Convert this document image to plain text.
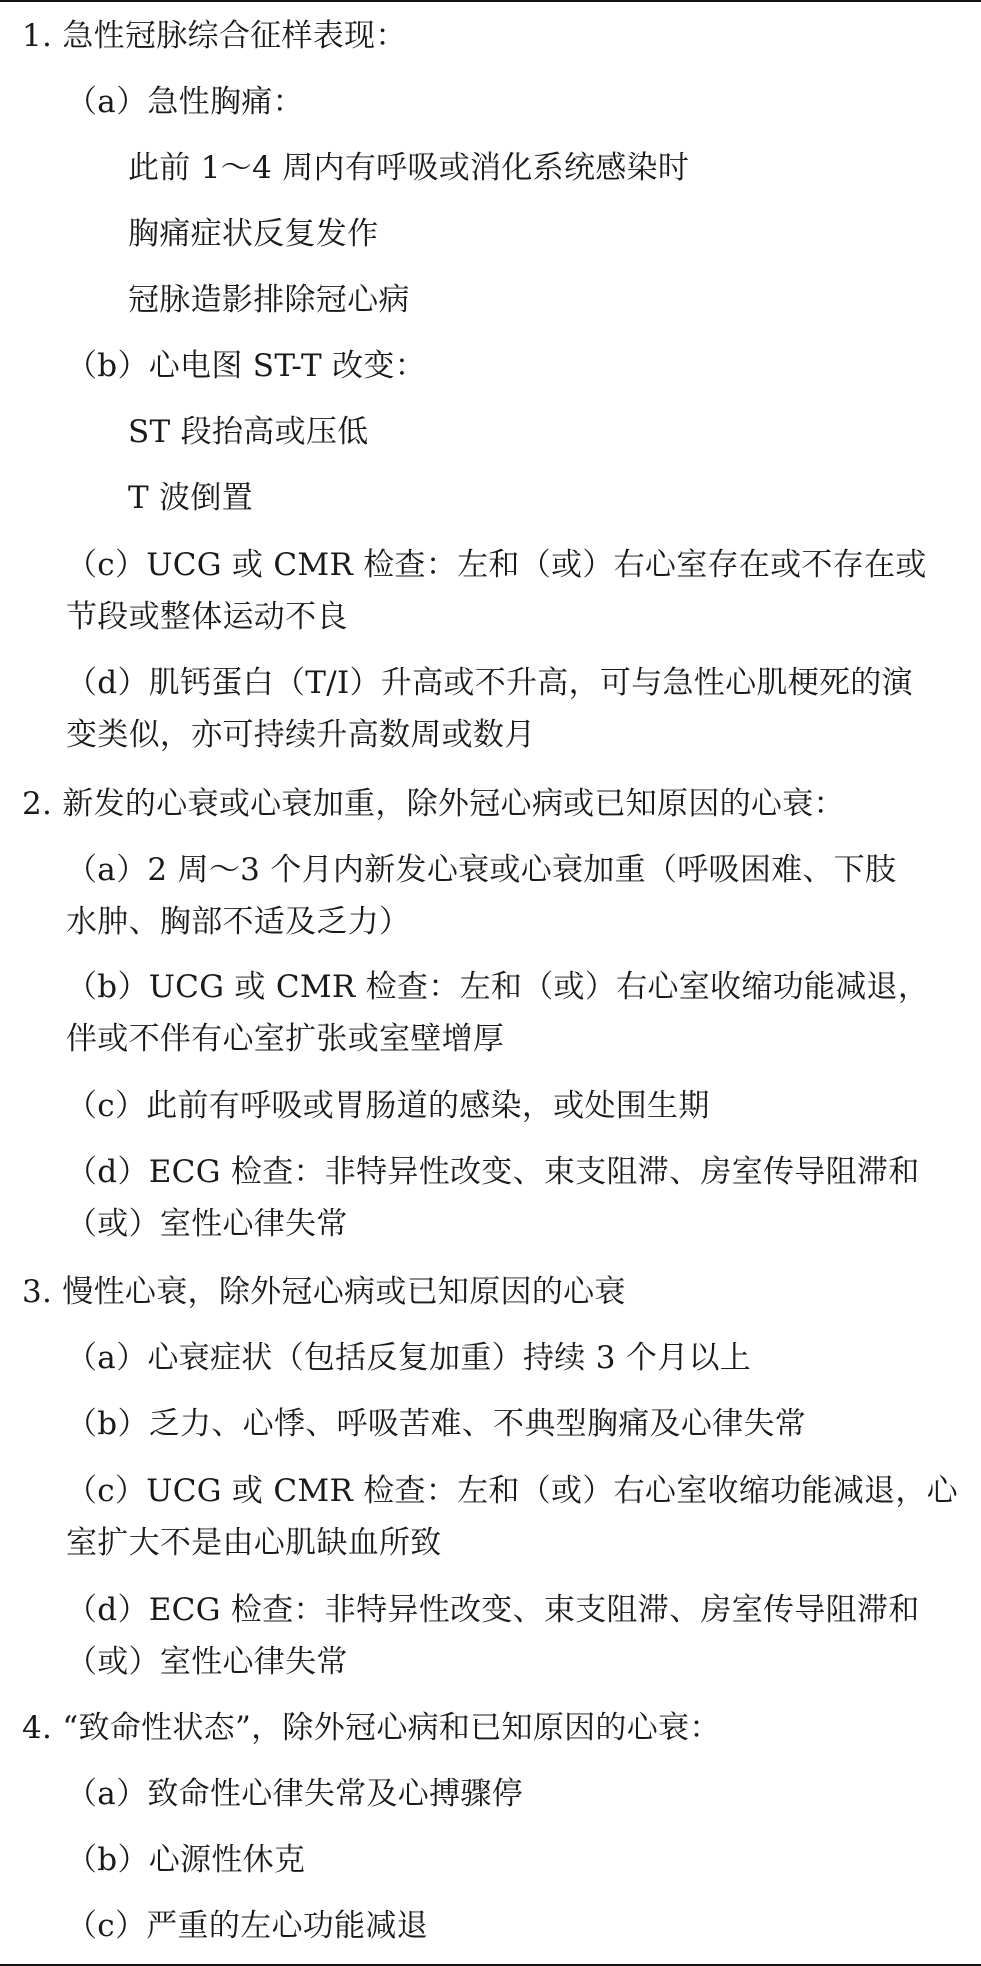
1. 急性冠脉综合征样表现：
（a）急性胸痛：
此前 1～4 周内有呼吸或消化系统感染时
胸痛症状反复发作
冠脉造影排除冠心病
（b）心电图 ST-T 改变：
ST 段抬高或压低
T 波倒置
（c）UCG 或 CMR 检查：左和（或）右心室存在或不存在或
节段或整体运动不良
（d）肌钙蛋白（T/I）升高或不升高，可与急性心肌梗死的演
变类似，亦可持续升高数周或数月
2. 新发的心衰或心衰加重，除外冠心病或已知原因的心衰：
（a）2 周～3 个月内新发心衰或心衰加重（呼吸困难、下肢
水肿、胸部不适及乏力）
（b）UCG 或 CMR 检查：左和（或）右心室收缩功能减退，
伴或不伴有心室扩张或室壁增厚
（c）此前有呼吸或胃肠道的感染，或处围生期
（d）ECG 检查：非特异性改变、束支阻滞、房室传导阻滞和
（或）室性心律失常
3. 慢性心衰，除外冠心病或已知原因的心衰
（a）心衰症状（包括反复加重）持续 3 个月以上
（b）乏力、心悸、呼吸苦难、不典型胸痛及心律失常
（c）UCG 或 CMR 检查：左和（或）右心室收缩功能减退，心
室扩大不是由心肌缺血所致
（d）ECG 检查：非特异性改变、束支阻滞、房室传导阻滞和
（或）室性心律失常
4. “致命性状态”，除外冠心病和已知原因的心衰：
（a）致命性心律失常及心搏骤停
（b）心源性休克
（c）严重的左心功能减退
